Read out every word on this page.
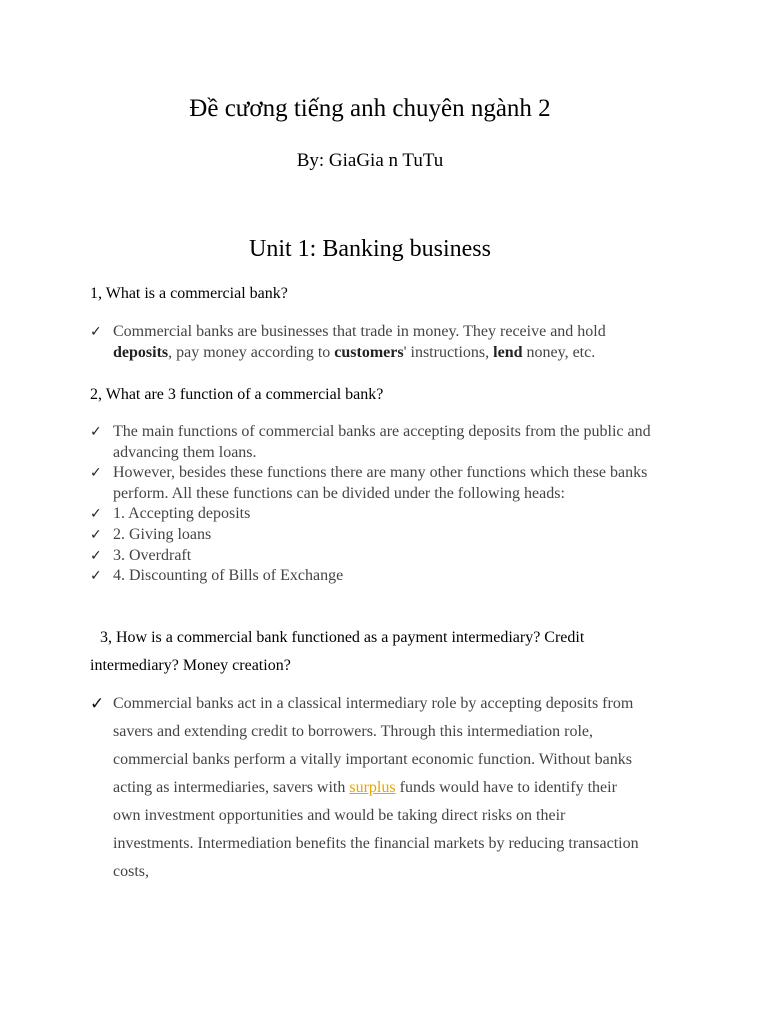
Đề cương tiếng anh chuyên ngành 2
By: GiaGia n TuTu
Unit 1: Banking business
1, What is a commercial bank?
✓ Commercial banks are businesses that trade in money. They receive and hold deposits, pay money according to customers' instructions, lend noney, etc.
2, What are 3 function of a commercial bank?
✓ The main functions of commercial banks are accepting deposits from the public and advancing them loans.
✓ However, besides these functions there are many other functions which these banks perform. All these functions can be divided under the following heads:
✓ 1. Accepting deposits
✓ 2. Giving loans
✓ 3. Overdraft
✓ 4. Discounting of Bills of Exchange
3, How is a commercial bank functioned as a payment intermediary? Credit intermediary? Money creation?
✓ Commercial banks act in a classical intermediary role by accepting deposits from savers and extending credit to borrowers. Through this intermediation role, commercial banks perform a vitally important economic function. Without banks acting as intermediaries, savers with surplus funds would have to identify their own investment opportunities and would be taking direct risks on their investments. Intermediation benefits the financial markets by reducing transaction costs,
